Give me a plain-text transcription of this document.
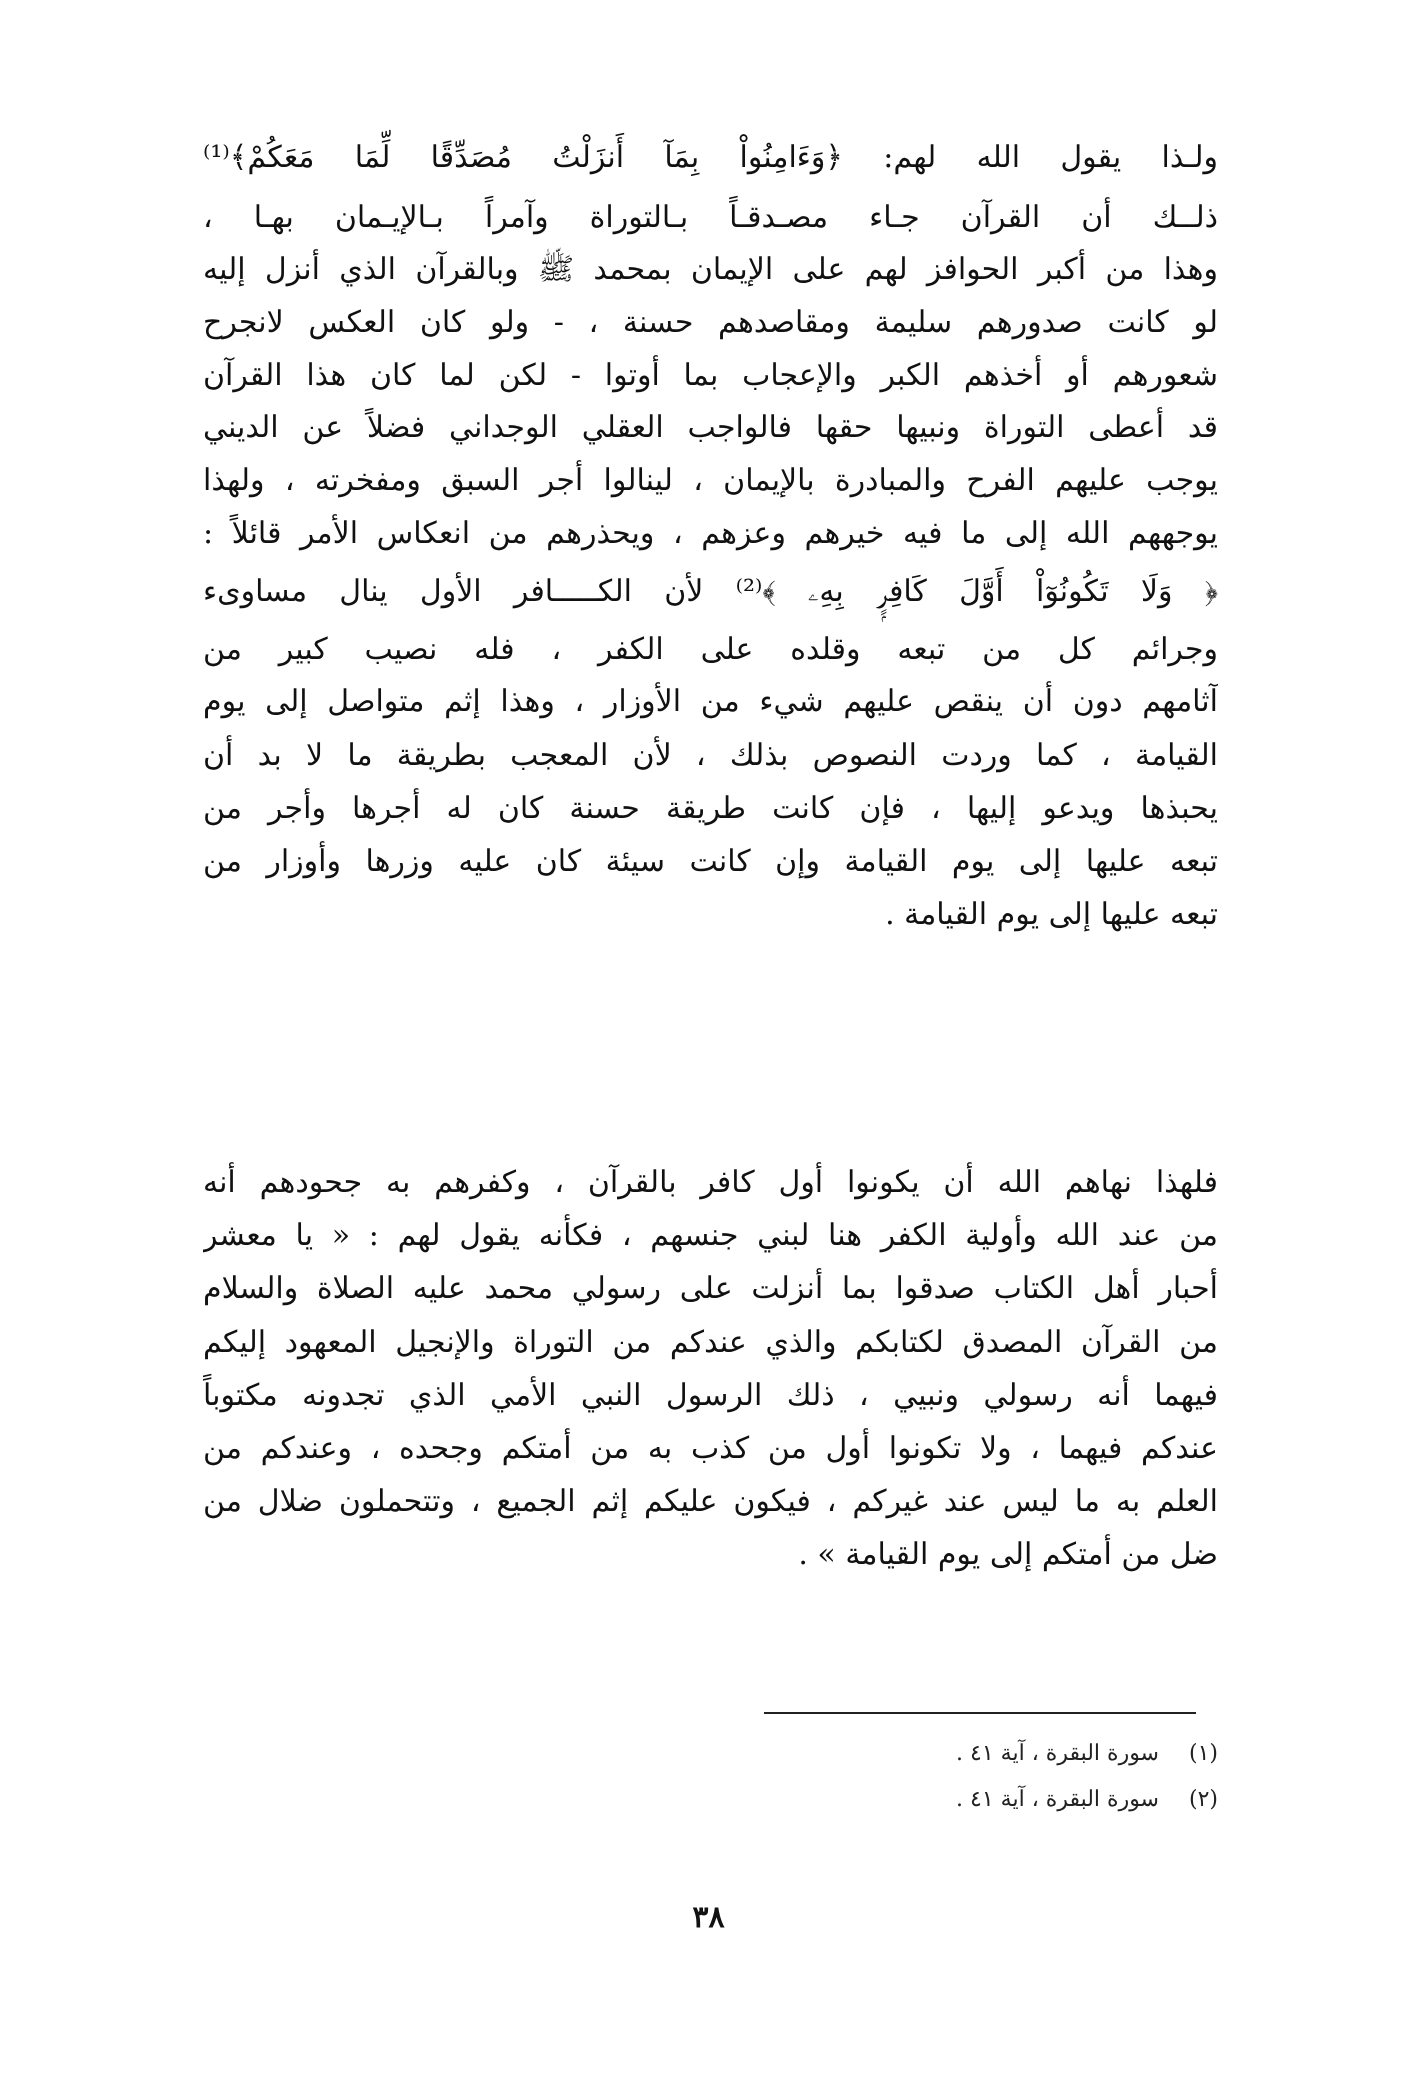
ولـذا يقول الله لهم: ﴿وَءَامِنُواْ بِمَآ أَنزَلْتُ مُصَدِّقًا لِّمَا مَعَكُمْ﴾⁽¹⁾
ذلــك أن القرآن جـاء مصـدقـاً بـالتوراة وآمراً بـالإيـمان بهـا ،
وهذا من أكبر الحوافز لهم على الإيمان بمحمد ﷺ وبالقرآن الذي أنزل إليه
لو كانت صدورهم سليمة ومقاصدهم حسنة ، - ولو كان العكس لانجرح
شعورهم أو أخذهم الكبر والإعجاب بما أوتوا - لكن لما كان هذا القرآن
قد أعطى التوراة ونبيها حقها فالواجب العقلي الوجداني فضلاً عن الديني
يوجب عليهم الفرح والمبادرة بالإيمان ، لينالوا أجر السبق ومفخرته ، ولهذا
يوجههم الله إلى ما فيه خيرهم وعزهم ، ويحذرهم من انعكاس الأمر قائلاً :
﴿ وَلَا تَكُونُوٓاْ أَوَّلَ كَافِرٍۭ بِهِۦ ﴾⁽²⁾ لأن الكـــــافر الأول ينال مساوىء
وجرائم كل من تبعه وقلده على الكفر ، فله نصيب كبير من
آثامهم دون أن ينقص عليهم شيء من الأوزار ، وهذا إثم متواصل إلى يوم
القيامة ، كما وردت النصوص بذلك ، لأن المعجب بطريقة ما لا بد أن
يحبذها ويدعو إليها ، فإن كانت طريقة حسنة كان له أجرها وأجر من
تبعه عليها إلى يوم القيامة وإن كانت سيئة كان عليه وزرها وأوزار من
تبعه عليها إلى يوم القيامة .
فلهذا نهاهم الله أن يكونوا أول كافر بالقرآن ، وكفرهم به جحودهم أنه
من عند الله وأولية الكفر هنا لبني جنسهم ، فكأنه يقول لهم : « يا معشر
أحبار أهل الكتاب صدقوا بما أنزلت على رسولي محمد عليه الصلاة والسلام
من القرآن المصدق لكتابكم والذي عندكم من التوراة والإنجيل المعهود إليكم
فيهما أنه رسولي ونبيي ، ذلك الرسول النبي الأمي الذي تجدونه مكتوباً
عندكم فيهما ، ولا تكونوا أول من كذب به من أمتكم وجحده ، وعندكم من
العلم به ما ليس عند غيركم ، فيكون عليكم إثم الجميع ، وتتحملون ضلال من
ضل من أمتكم إلى يوم القيامة » .
(١) سورة البقرة ، آية ٤١ .
(٢) سورة البقرة ، آية ٤١ .
٣٨
